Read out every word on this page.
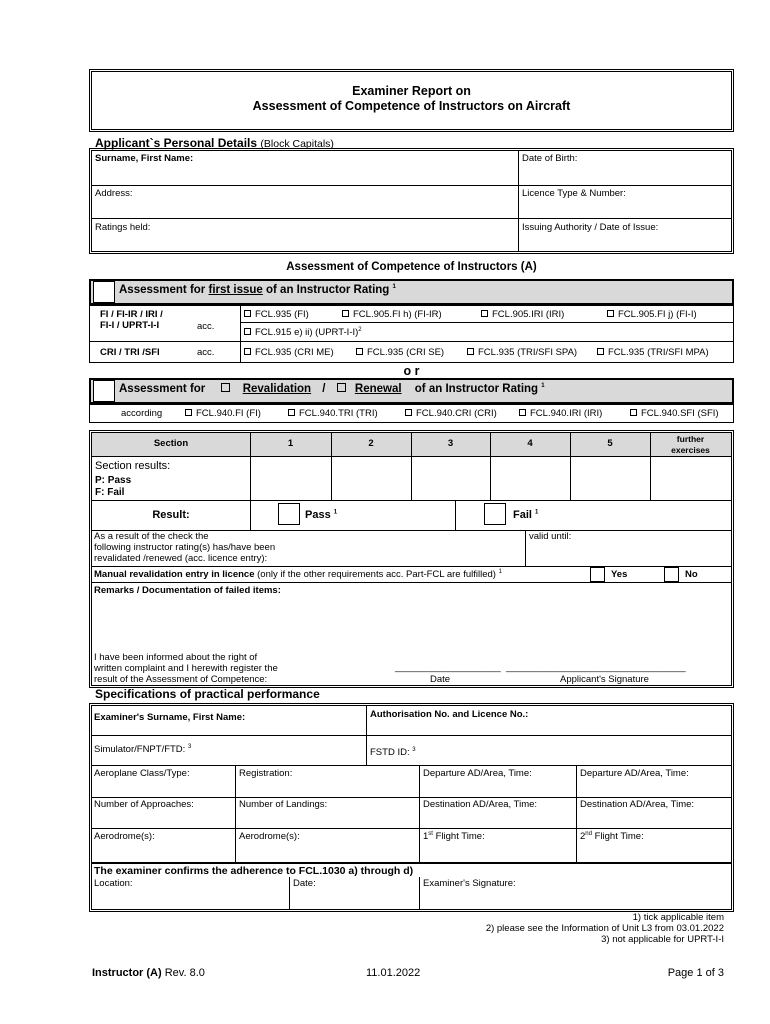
Examiner Report on
Assessment of Competence of Instructors on Aircraft
Applicant`s Personal Details (Block Capitals)
Surname, First Name:	Date of Birth:
Address:	Licence Type & Number:
Ratings held:	Issuing Authority / Date of Issue:
Assessment of Competence of Instructors (A)
Assessment for first issue of an Instructor Rating $^1$
FI / FI-IR / IRI /
FI-I / UPRT-I-I	acc.
FCL.935 (FI)	FCL.905.FI h) (FI-IR)	FCL.905.IRI (IRI)	FCL.905.FI j) (FI-I)
FCL.915 e) ii) (UPRT-I-I)$^2$
CRI / TRI /SFI	acc.	FCL.935 (CRI ME)	FCL.935 (CRI SE)	FCL.935 (TRI/SFI SPA)	FCL.935 (TRI/SFI MPA)
o r
Assessment for	Revalidation /	Renewal of an Instructor Rating $^1$
according	FCL.940.FI (FI)	FCL.940.TRI (TRI)	FCL.940.CRI (CRI)	FCL.940.IRI (IRI)	FCL.940.SFI (SFI)
Section	1	2	3	4	5	further
exercises
Section results:
P: Pass
F: Fail
Result:	Pass $^1$	Fail $^1$
As a result of the check the
following instructor rating(s) has/have been
revalidated /renewed (acc. licence entry):
valid until:
Manual revalidation entry in licence (only if the other requirements acc. Part-FCL are fulfilled) $^1$	Yes	No
Remarks / Documentation of failed items:
I have been informed about the right of
written complaint and I herewith register the
result of the Assessment of Competence:
____________________ __________________________________
Date	Applicant's Signature
Specifications of practical performance
Examiner's Surname, First Name:	Authorisation No. and Licence No.:
Simulator/FNPT/FTD: $^3$
FSTD ID: $^3$
Aeroplane Class/Type:	Registration:	Departure AD/Area, Time:	Departure AD/Area, Time:
Number of Approaches:	Number of Landings:	Destination AD/Area, Time:	Destination AD/Area, Time:
Aerodrome(s):	Aerodrome(s):	1st Flight Time:	2nd Flight Time:
The examiner confirms the adherence to FCL.1030 a) through d)
Location:	Date:	Examiner's Signature:
1) tick applicable item
2) please see the Information of Unit L3 from 03.01.2022
3) not applicable for UPRT-I-I
Instructor (A) Rev. 8.0	11.01.2022	Page 1 of 3
